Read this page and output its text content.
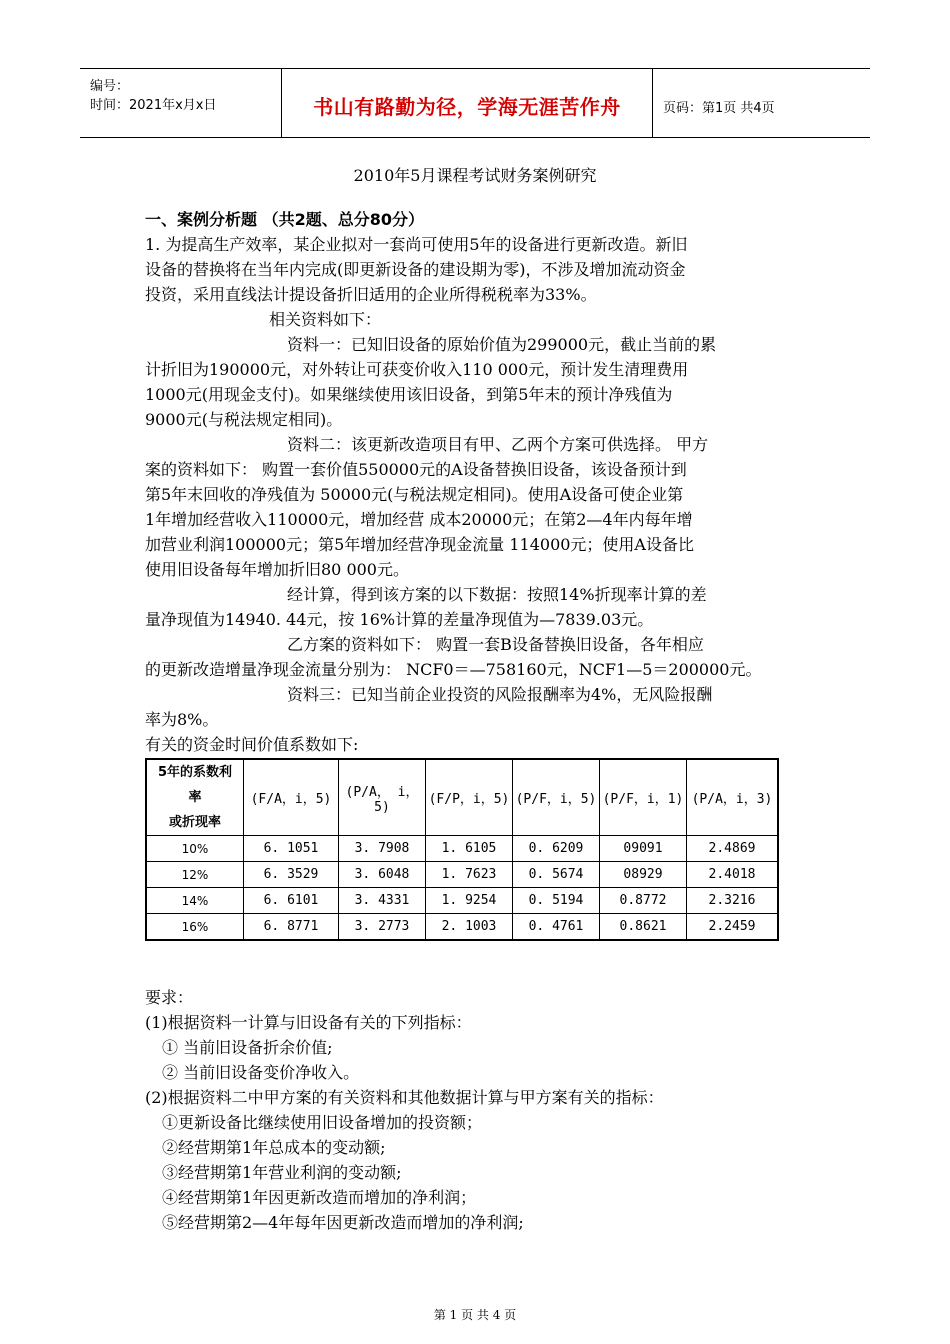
编号：
时间：2021年x月x日	书山有路勤为径，学海无涯苦作舟	页码：第1页 共4页
2010年5月课程考试财务案例研究

一、案例分析题 （共2题、总分80分）

1. 为提高生产效率，某企业拟对一套尚可使用5年的设备进行更新改造。新旧

设备的替换将在当年内完成(即更新设备的建设期为零)，不涉及增加流动资金

投资，采用直线法计提设备折旧适用的企业所得税税率为33%。

相关资料如下：

资料一：已知旧设备的原始价值为299000元，截止当前的累

计折旧为190000元，对外转让可获变价收入110 000元，预计发生清理费用

1000元(用现金支付)。如果继续使用该旧设备，到第5年末的预计净残值为

9000元(与税法规定相同)。

资料二：该更新改造项目有甲、乙两个方案可供选择。 甲方

案的资料如下： 购置一套价值550000元的A设备替换旧设备，该设备预计到

第5年末回收的净残值为 50000元(与税法规定相同)。使用A设备可使企业第

1年增加经营收入110000元，增加经营 成本20000元；在第2—4年内每年增

加营业利润100000元；第5年增加经营净现金流量 114000元；使用A设备比

使用旧设备每年增加折旧80 000元。

经计算，得到该方案的以下数据：按照14%折现率计算的差

量净现值为14940. 44元，按 16%计算的差量净现值为—7839.03元。

乙方案的资料如下： 购置一套B设备替换旧设备，各年相应

的更新改造增量净现金流量分别为： NCF0＝—758160元，NCF1—5＝200000元。

资料三：已知当前企业投资的风险报酬率为4%，无风险报酬

率为8%。

有关的资金时间价值系数如下:

5年的系数利
率
或折现率	(F/A，i，5)	(P/A， i， 5)	(F/P，i，5)	(P/F，i，5)	(P/F，i，1)	(P/A，i，3)
10%	6. 1051	3. 7908	1. 6105	0. 6209	09091	2.4869
12%	6. 3529	3. 6048	1. 7623	0. 5674	08929	2.4018
14%	6. 6101	3. 4331	1. 9254	0. 5194	0.8772	2.3216
16%	6. 8771	3. 2773	2. 1003	0. 4761	0.8621	2.2459

要求：

(1)根据资料一计算与旧设备有关的下列指标：

① 当前旧设备折余价值;

② 当前旧设备变价净收入。

(2)根据资料二中甲方案的有关资料和其他数据计算与甲方案有关的指标：

①更新设备比继续使用旧设备增加的投资额；

②经营期第1年总成本的变动额;

③经营期第1年营业利润的变动额;

④经营期第1年因更新改造而增加的净利润；

⑤经营期第2—4年每年因更新改造而增加的净利润;

第 1 页 共 4 页
